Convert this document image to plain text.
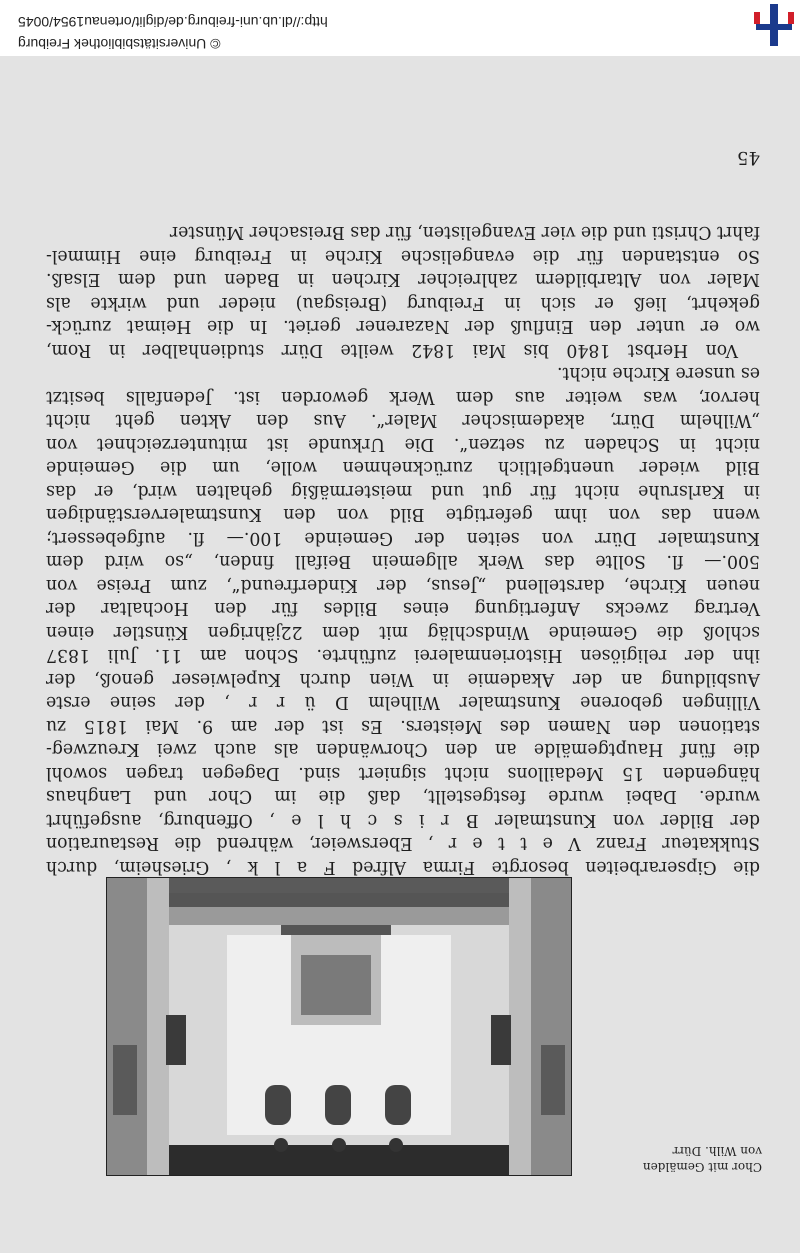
Chor mit Gemälden
von Wilh. Dürr

die Gipserarbeiten besorgte Firma Alfred F a l k , Griesheim, durch
Stukkateur Franz V e t t e r , Ebersweier, während die Restauration
der Bilder von Kunstmaler B r i s c h l e , Offenburg, ausgeführt
wurde. Dabei wurde festgestellt, daß die im Chor und Langhaus
hängenden 15 Medaillons nicht signiert sind. Dagegen tragen sowohl
die fünf Hauptgemälde an den Chorwänden als auch zwei Kreuzweg-
stationen den Namen des Meisters. Es ist der am 9. Mai 1815 zu
Villingen geborene Kunstmaler Wilhelm D ü r r , der seine erste
Ausbildung an der Akademie in Wien durch Kupelwieser genoß, der
ihn der religiösen Historienmalerei zuführte. Schon am 11. Juli 1837
schloß die Gemeinde Windschläg mit dem 22jährigen Künstler einen
Vertrag zwecks Anfertigung eines Bildes für den Hochaltar der
neuen Kirche, darstellend „Jesus, der Kinderfreund“, zum Preise von
500.— fl. Sollte das Werk allgemein Beifall finden, „so wird dem
Kunstmaler Dürr von seiten der Gemeinde 100.— fl. aufgebessert;
wenn das von ihm gefertigte Bild von den Kunstmalerverständigen
in Karlsruhe nicht für gut und meistermäßig gehalten wird, er das
Bild wieder unentgeltlich zurücknehmen wolle, um die Gemeinde
nicht in Schaden zu setzen“. Die Urkunde ist mitunterzeichnet von
„Wilhelm Dürr, akademischer Maler“. Aus den Akten geht nicht
hervor, was weiter aus dem Werk geworden ist. Jedenfalls besitzt
es unsere Kirche nicht.

Von Herbst 1840 bis Mai 1842 weilte Dürr studienhalber in Rom,
wo er unter den Einfluß der Nazarener geriet. In die Heimat zurück-
gekehrt, ließ er sich in Freiburg (Breisgau) nieder und wirkte als
Maler von Altarbildern zahlreicher Kirchen in Baden und dem Elsaß.
So entstanden für die evangelische Kirche in Freiburg eine Himmel-
fahrt Christi und die vier Evangelisten, für das Breisacher Münster

45
http://dl.ub.uni-freiburg.de/diglit/ortenau1954/0045
© Universitätsbibliothek Freiburg
